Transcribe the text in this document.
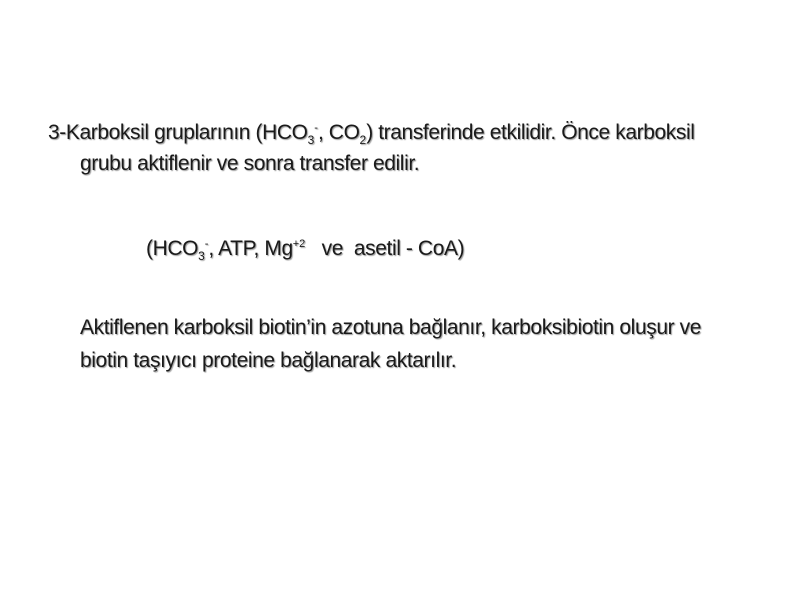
3-Karboksil gruplarının ($HCO_3^-$, $CO_2$) transferinde etkilidir. Önce karboksil
grubu aktiflenir ve sonra transfer edilir.
($HCO_3^-$, ATP, $Mg^{+2}$   ve  asetil - CoA)
Aktiflenen karboksil biotin’in azotuna bağlanır, karboksibiotin oluşur ve
biotin taşıyıcı proteine bağlanarak aktarılır.
